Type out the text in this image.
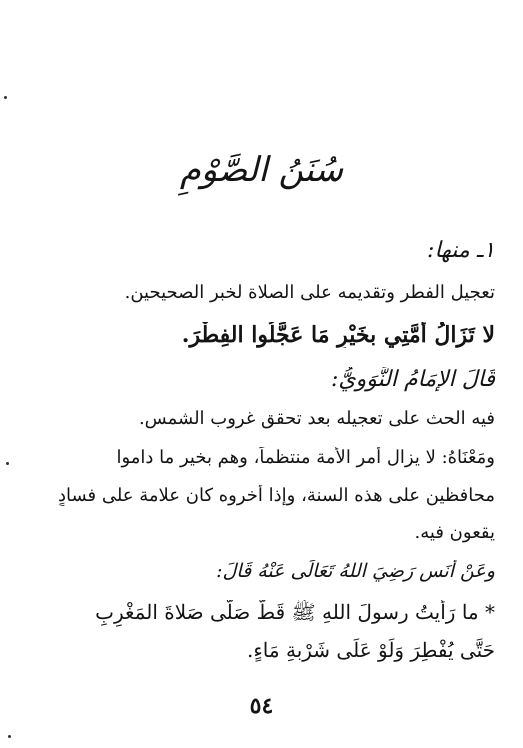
سُنَنُ الصَّوْمِ
١ـ منها:
تعجيل الفطر وتقديمه على الصلاة لخبر الصحيحين.
لا تَزَالُ أُمَّتِي بخَيْرٍ مَا عَجَّلُوا الفِطْرَ.
قَالَ الإمَامُ النَّوَوِيُّ:
فيه الحث على تعجيله بعد تحقق غروب الشمس.
ومَعْنَاهُ: لا يزال أمر الأمة منتظماً، وهم بخير ما داموا
محافظين على هذه السنة، وإذا أخروه كان علامة على فسادٍ
يقعون فيه.
وعَنْ أنَسٍ رَضِيَ اللهُ تَعَالَى عَنْهُ قَالَ:
* ما رَأيتُ رسولَ اللهِ ﷺ قَطُّ صَلَّى صَلاةَ المَغْرِبِ
حَتَّى يُفْطِرَ وَلَوْ عَلَى شَرْبةِ مَاءٍ.
٥٤
